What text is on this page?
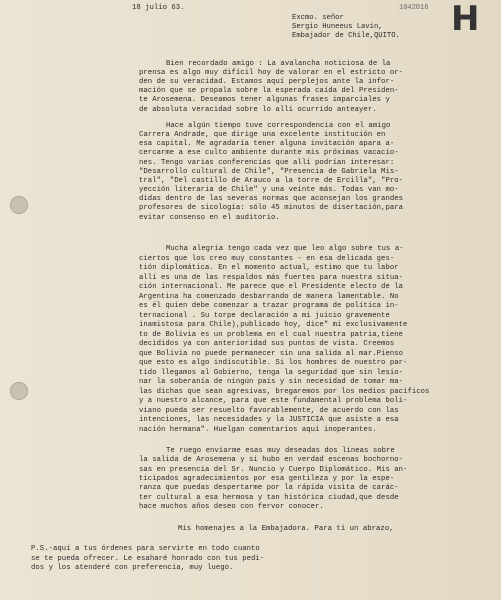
18 julio 63.	1042016 H
Excmo. señor
Sergio Huneeus Lavín,
Embajador de Chile,QUITO.
Bien recordado amigo : La avalancha noticiosa de la
prensa es algo muy difícil hoy de valorar en el estricto or-
den de su veracidad. Estamos aquí perplejos ante la infor-
mación que se propala sobre la esperada caída del Presiden-
te Arosemena. Deseamos tener algunas frases imparciales y
de absoluta veracidad sobre lo allí ocurrido anteayer.
Hace algún tiempo tuve correspondencia con el amigo
Carrera Andrade, que dirige una excelente institución en
esa capital. Me agradaría tener alguna invitación apara a-
cercarme a ese culto ambiente durante mis próximas vacacio-
nes. Tengo varias conferencias que allí podrían interesar:
"Desarrollo cultural de Chile", "Presencia de Gabriela Mis-
tral", "Del castillo de Arauco a la torre de Ercilla", "Pro-
yección literaria de Chile" y una veinte más. Todas van mo-
didas dentro de las severas normas que aconsejan los grandes
profesores de sicología: sólo 45 minutos de disertación,para
evitar consenso en el auditorio.
Mucha alegría tengo cada vez que leo algo sobre tus a-
ciertos que los creo muy constantes - en esa delicada ges-
tión diplomática. En el momento actual, estimo que tu labor
allí es una de las respaldos más fuertes para nuestra situa-
ción internacional. Me parece que el Presidente electo de la
Argentina ha comenzado desbarrando de manera lamentable. No
es él quien debe comenzar a trazar programa de política in-
ternacional . Su torpe declaración a mi juicio gravemente
inamistosa para Chile),publicado hoy, dice" mi exclusivamente
to de Bolivia es un problema en el cual nuestra patria,tiene
decididos ya con anterioridad sus puntos de vista. Creemos
que Bolivia no puede permanecer sin una salida al mar.Pienso
que esto es algo indiscutible. Si los hombres de nuestro par-
tido llegamos al Gobierno, tenga la seguridad que sin lesio-
nar la soberanía de ningún país y sin necesidad de tomar ma-
las dichas que sean agresivas, bregaremos por los medios pacíficos
y a nuestro alcance, para que este fundamental problema boli-
viano pueda ser resuelto favorablemente, de acuerdo con las
intenciones, las necesidades y la JUSTICIA que asiste a esa
nación hermana". Huelgan comentarios aquí inoperantes.
Te ruego envíarme esas muy deseadas dos líneas sobre
la salida de Arosemena y si hubo en verdad escenas bochorno-
sas en presencia del Sr. Nuncio y Cuerpo Diplomático. Mis an-
ticipados agradecimientos por esa gentileza y por la espe-
ranza que puedas despertarme por la rápida visita de carác-
ter cultural a esa hermosa y tan histórica ciudad,que desde
hace muchos años deseo con fervor conocer.
Mis homenajes a la Embajadora. Para ti un abrazo,
P.S.-aquí a tus órdenes para servirte en todo cuanto
se te pueda ofrecer. Le esaharé honrado con tus pedi-
dos y los atenderé con preferencia, muy luego.
